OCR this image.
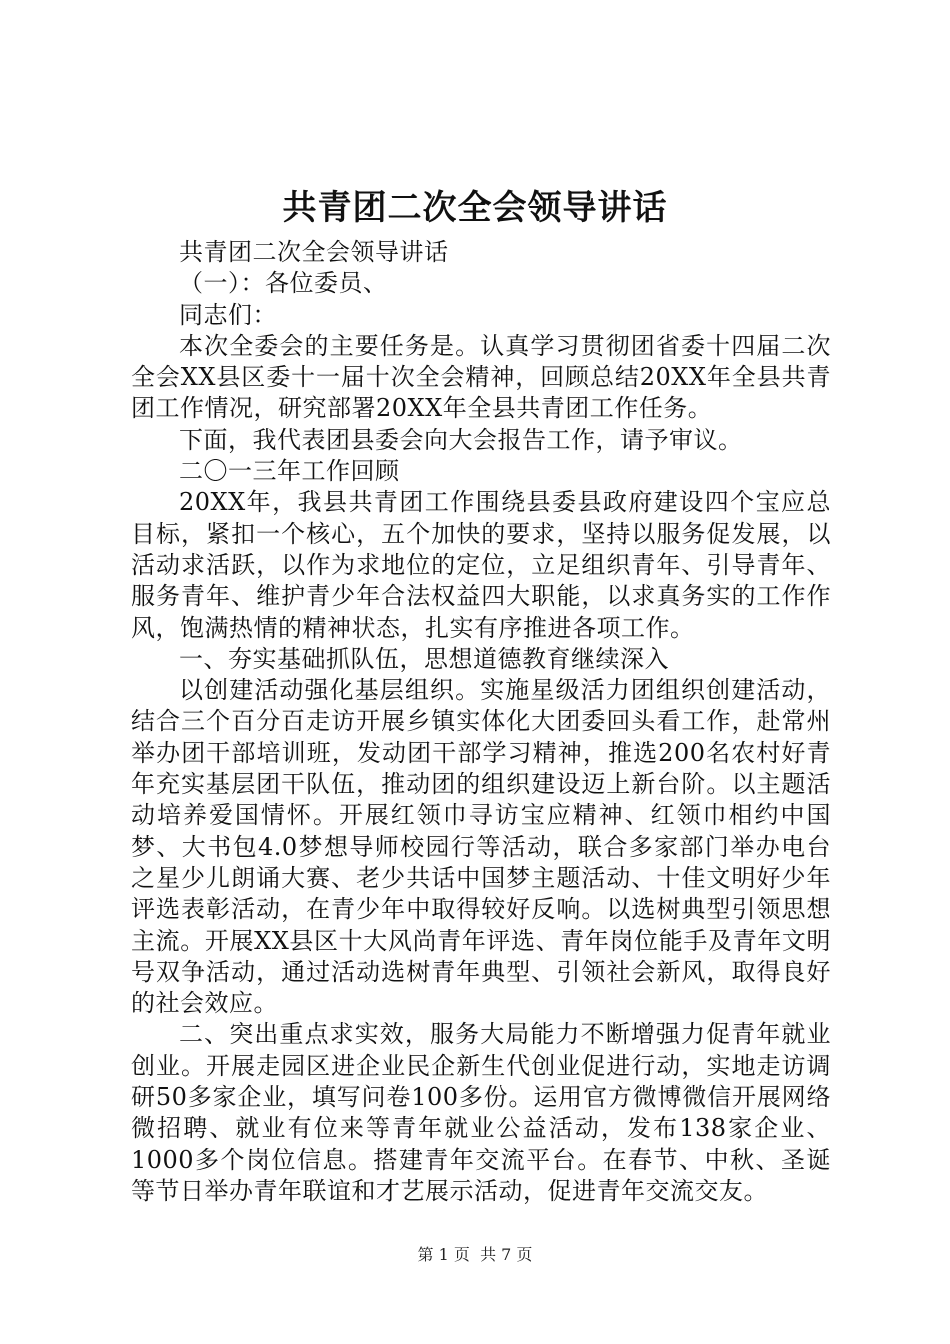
共青团二次全会领导讲话

共青团二次全会领导讲话

（一）：各位委员、

同志们：

本次全委会的主要任务是。认真学习贯彻团省委十四届二次全会XX县区委十一届十次全会精神，回顾总结20XX年全县共青团工作情况，研究部署20XX年全县共青团工作任务。

下面，我代表团县委会向大会报告工作，请予审议。

二〇一三年工作回顾

20XX年，我县共青团工作围绕县委县政府建设四个宝应总目标，紧扣一个核心，五个加快的要求，坚持以服务促发展，以活动求活跃，以作为求地位的定位，立足组织青年、引导青年、服务青年、维护青少年合法权益四大职能，以求真务实的工作作风，饱满热情的精神状态，扎实有序推进各项工作。

一、夯实基础抓队伍，思想道德教育继续深入

以创建活动强化基层组织。实施星级活力团组织创建活动，结合三个百分百走访开展乡镇实体化大团委回头看工作，赴常州举办团干部培训班，发动团干部学习精神，推选200名农村好青年充实基层团干队伍，推动团的组织建设迈上新台阶。以主题活动培养爱国情怀。开展红领巾寻访宝应精神、红领巾相约中国梦、大书包4.0梦想导师校园行等活动，联合多家部门举办电台之星少儿朗诵大赛、老少共话中国梦主题活动、十佳文明好少年评选表彰活动，在青少年中取得较好反响。以选树典型引领思想主流。开展XX县区十大风尚青年评选、青年岗位能手及青年文明号双争活动，通过活动选树青年典型、引领社会新风，取得良好的社会效应。

二、突出重点求实效，服务大局能力不断增强力促青年就业创业。开展走园区进企业民企新生代创业促进行动，实地走访调研50多家企业，填写问卷100多份。运用官方微博微信开展网络微招聘、就业有位来等青年就业公益活动，发布138家企业、1000多个岗位信息。搭建青年交流平台。在春节、中秋、圣诞等节日举办青年联谊和才艺展示活动，促进青年交流交友。

第 1 页  共 7 页
